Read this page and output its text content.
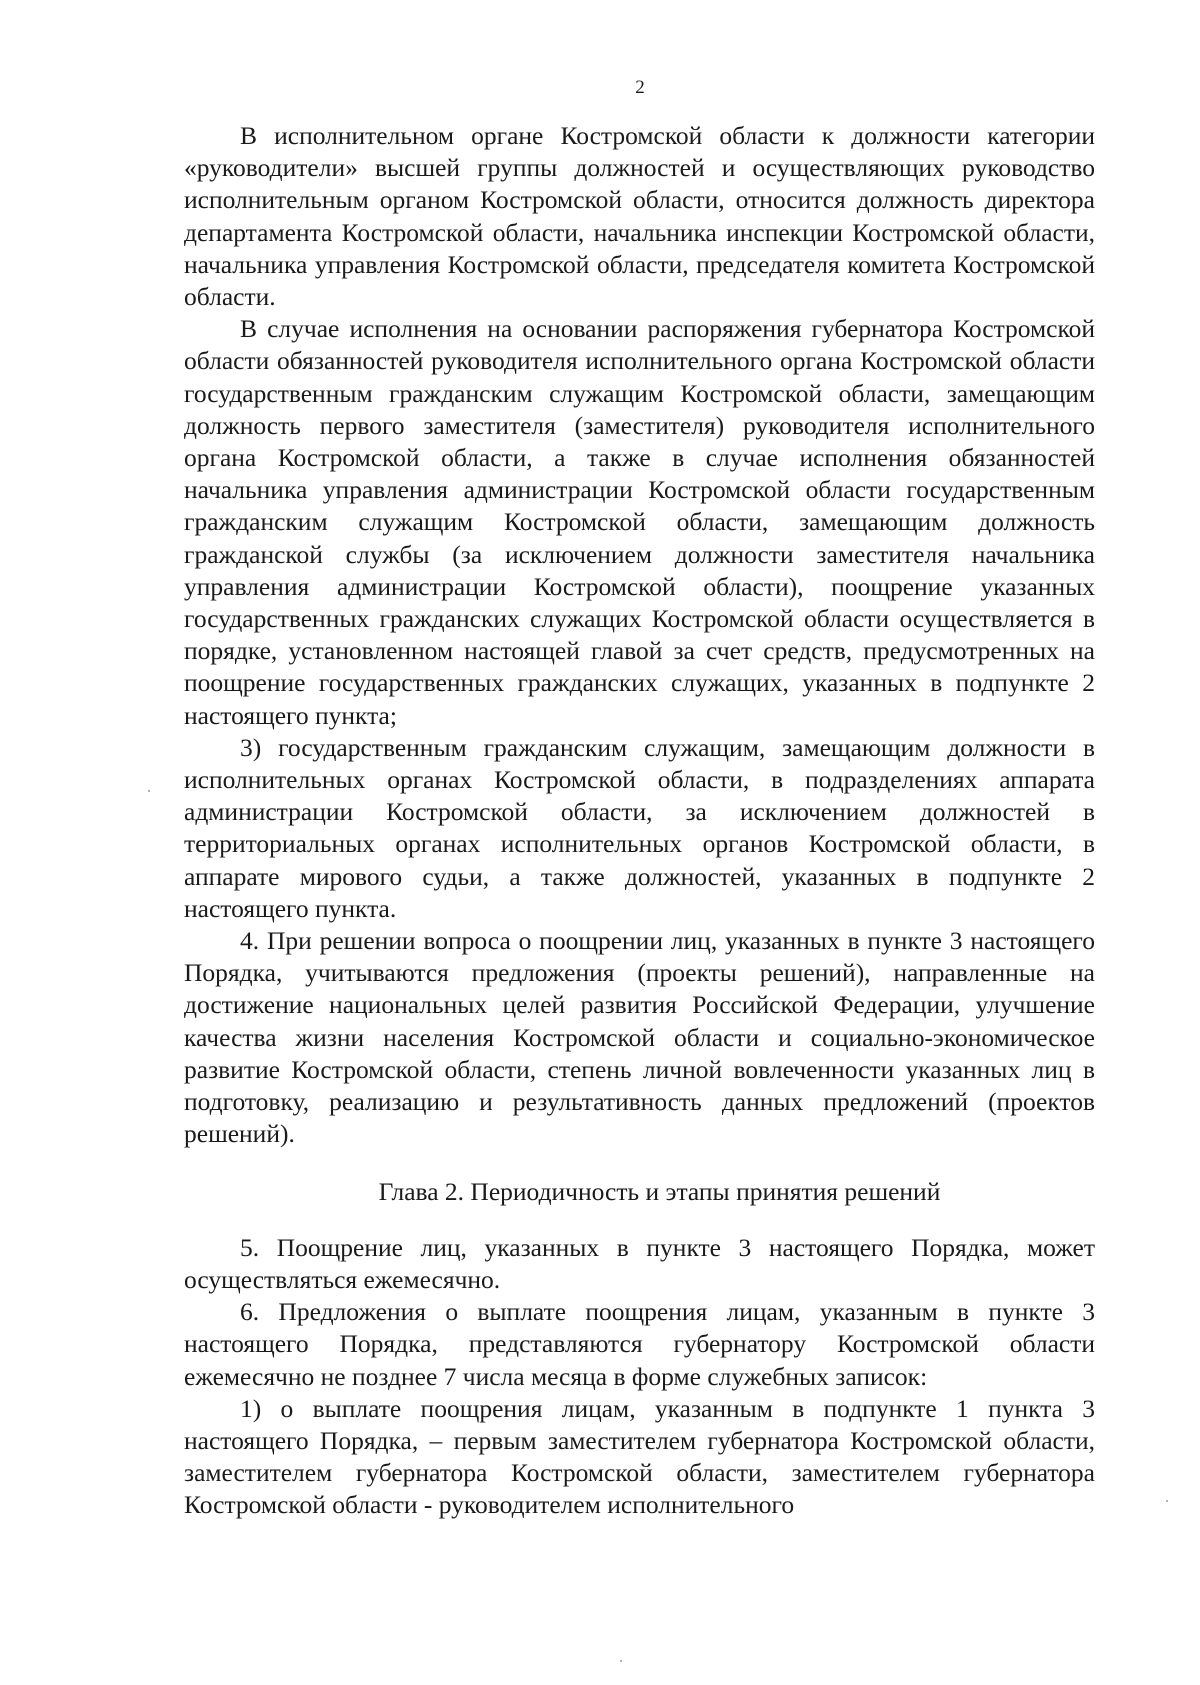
2

В исполнительном органе Костромской области к должности категории «руководители» высшей группы должностей и осуществляющих руководство исполнительным органом Костромской области, относится должность директора департамента Костромской области, начальника инспекции Костромской области, начальника управления Костромской области, председателя комитета Костромской области.

В случае исполнения на основании распоряжения губернатора Костромской области обязанностей руководителя исполнительного органа Костромской области государственным гражданским служащим Костромской области, замещающим должность первого заместителя (заместителя) руководителя исполнительного органа Костромской области, а также в случае исполнения обязанностей начальника управления администрации Костромской области государственным гражданским служащим Костромской области, замещающим должность гражданской службы (за исключением должности заместителя начальника управления администрации Костромской области), поощрение указанных государственных гражданских служащих Костромской области осуществляется в порядке, установленном настоящей главой за счет средств, предусмотренных на поощрение государственных гражданских служащих, указанных в подпункте 2 настоящего пункта;

3) государственным гражданским служащим, замещающим должности в исполнительных органах Костромской области, в подразделениях аппарата администрации Костромской области, за исключением должностей в территориальных органах исполнительных органов Костромской области, в аппарате мирового судьи, а также должностей, указанных в подпункте 2 настоящего пункта.

4. При решении вопроса о поощрении лиц, указанных в пункте 3 настоящего Порядка, учитываются предложения (проекты решений), направленные на достижение национальных целей развития Российской Федерации, улучшение качества жизни населения Костромской области и социально-экономическое развитие Костромской области, степень личной вовлеченности указанных лиц в подготовку, реализацию и результативность данных предложений (проектов решений).

Глава 2. Периодичность и этапы принятия решений

5. Поощрение лиц, указанных в пункте 3 настоящего Порядка, может осуществляться ежемесячно.

6. Предложения о выплате поощрения лицам, указанным в пункте 3 настоящего Порядка, представляются губернатору Костромской области ежемесячно не позднее 7 числа месяца в форме служебных записок:

1) о выплате поощрения лицам, указанным в подпункте 1 пункта 3 настоящего Порядка, – первым заместителем губернатора Костромской области, заместителем губернатора Костромской области, заместителем губернатора Костромской области - руководителем исполнительного
